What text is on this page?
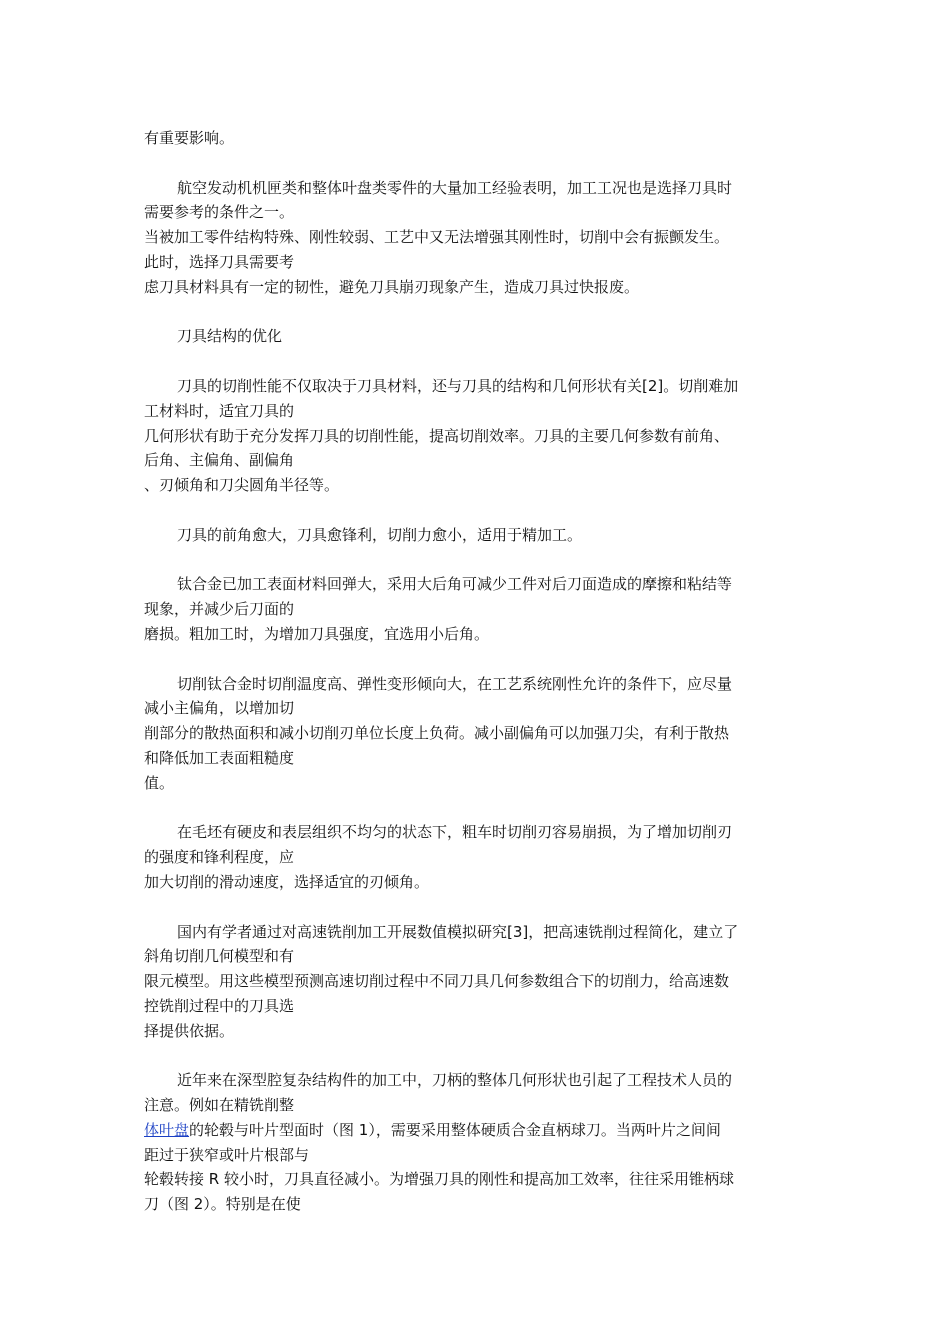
有重要影响。
航空发动机机匣类和整体叶盘类零件的大量加工经验表明，加工工况也是选择刀具时
需要参考的条件之一。
当被加工零件结构特殊、刚性较弱、工艺中又无法增强其刚性时，切削中会有振颤发生。
此时，选择刀具需要考
虑刀具材料具有一定的韧性，避免刀具崩刃现象产生，造成刀具过快报废。
刀具结构的优化
刀具的切削性能不仅取决于刀具材料，还与刀具的结构和几何形状有关[2]。切削难加
工材料时，适宜刀具的
几何形状有助于充分发挥刀具的切削性能，提高切削效率。刀具的主要几何参数有前角、
后角、主偏角、副偏角
、刃倾角和刀尖圆角半径等。
刀具的前角愈大，刀具愈锋利，切削力愈小，适用于精加工。
钛合金已加工表面材料回弹大，采用大后角可减少工件对后刀面造成的摩擦和粘结等
现象，并减少后刀面的
磨损。粗加工时，为增加刀具强度，宜选用小后角。
切削钛合金时切削温度高、弹性变形倾向大，在工艺系统刚性允许的条件下，应尽量
减小主偏角，以增加切
削部分的散热面积和减小切削刃单位长度上负荷。减小副偏角可以加强刀尖，有利于散热
和降低加工表面粗糙度
值。
在毛坯有硬皮和表层组织不均匀的状态下，粗车时切削刃容易崩损，为了增加切削刃
的强度和锋利程度，应
加大切削的滑动速度，选择适宜的刃倾角。
国内有学者通过对高速铣削加工开展数值模拟研究[3]，把高速铣削过程简化，建立了
斜角切削几何模型和有
限元模型。用这些模型预测高速切削过程中不同刀具几何参数组合下的切削力，给高速数
控铣削过程中的刀具选
择提供依据。
近年来在深型腔复杂结构件的加工中，刀柄的整体几何形状也引起了工程技术人员的
注意。例如在精铣削整
体叶盘的轮毂与叶片型面时（图 1），需要采用整体硬质合金直柄球刀。当两叶片之间间
距过于狭窄或叶片根部与
轮毂转接 R 较小时，刀具直径减小。为增强刀具的刚性和提高加工效率，往往采用锥柄球
刀（图 2）。特别是在使
